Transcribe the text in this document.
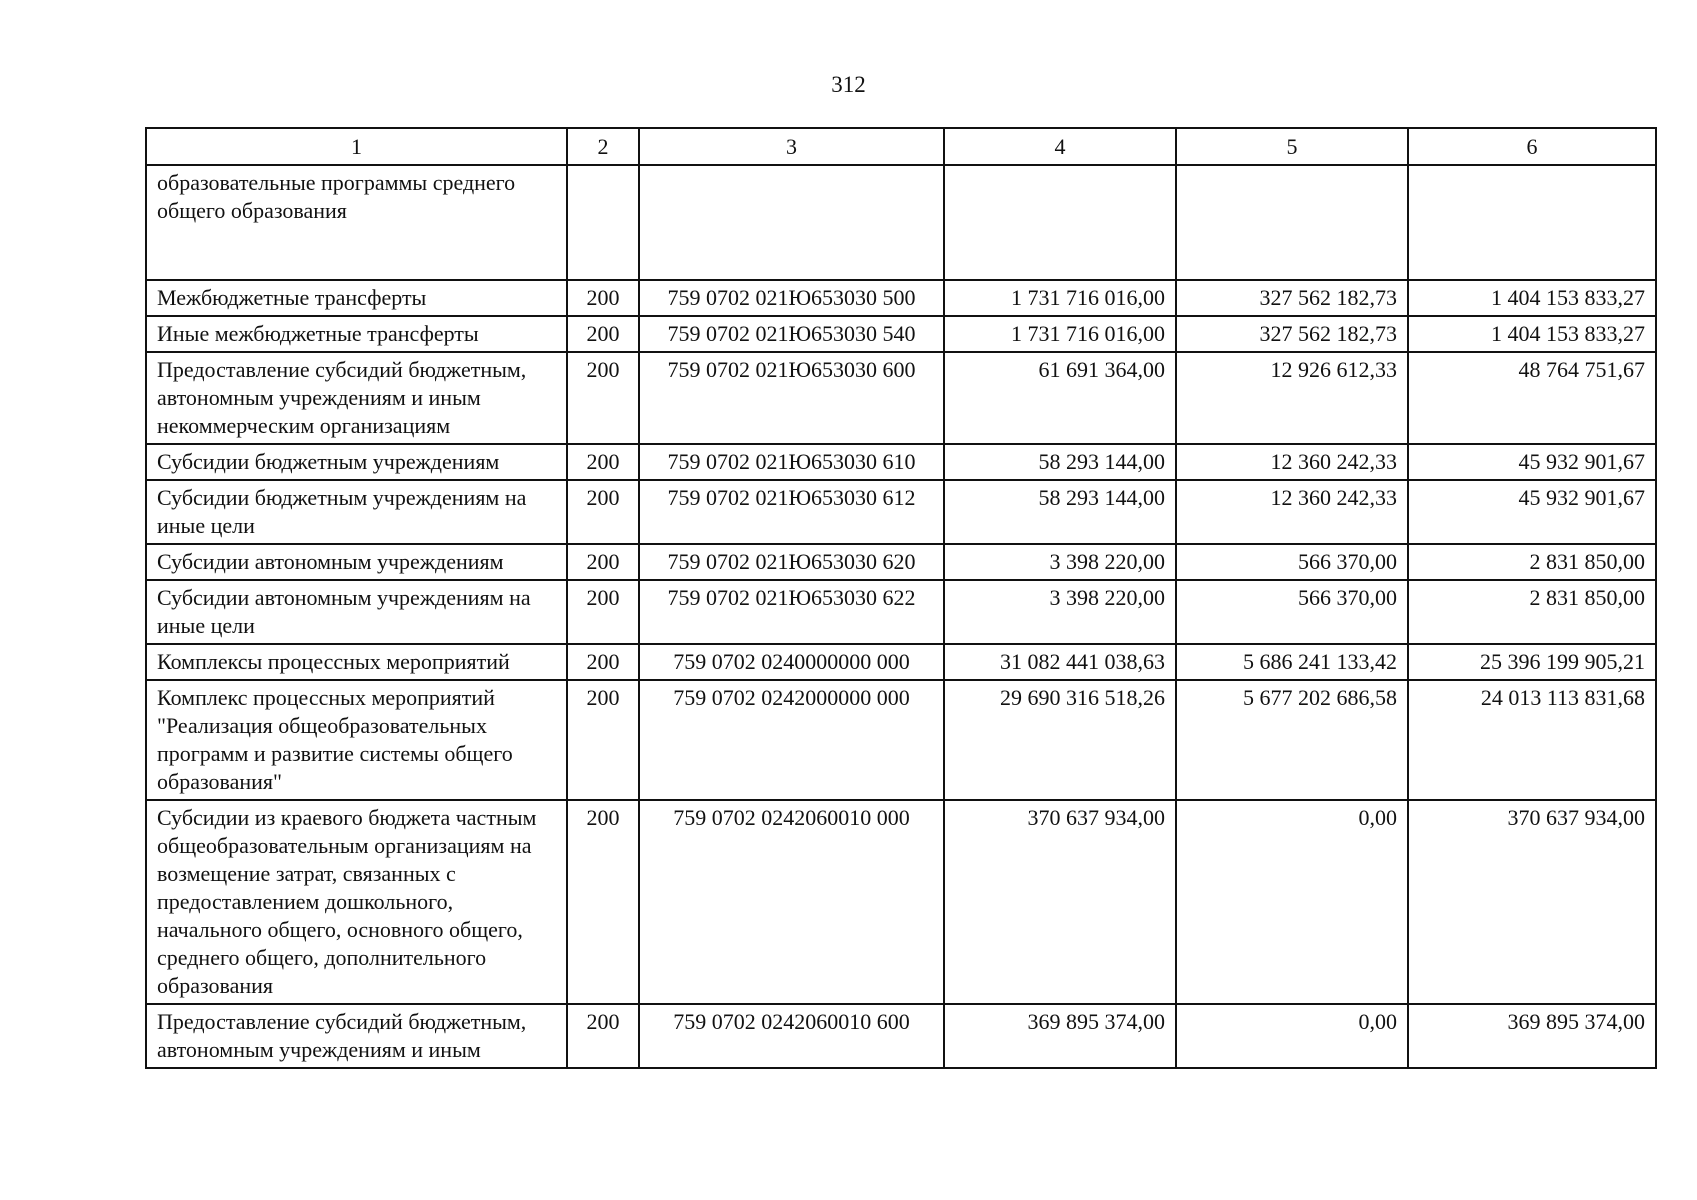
312
1	2	3	4	5	6
образовательные программы среднего общего образования					
Межбюджетные трансферты	200	759 0702 021Ю653030 500	1 731 716 016,00	327 562 182,73	1 404 153 833,27
Иные межбюджетные трансферты	200	759 0702 021Ю653030 540	1 731 716 016,00	327 562 182,73	1 404 153 833,27
Предоставление субсидий бюджетным, автономным учреждениям и иным некоммерческим организациям	200	759 0702 021Ю653030 600	61 691 364,00	12 926 612,33	48 764 751,67
Субсидии бюджетным учреждениям	200	759 0702 021Ю653030 610	58 293 144,00	12 360 242,33	45 932 901,67
Субсидии бюджетным учреждениям на иные цели	200	759 0702 021Ю653030 612	58 293 144,00	12 360 242,33	45 932 901,67
Субсидии автономным учреждениям	200	759 0702 021Ю653030 620	3 398 220,00	566 370,00	2 831 850,00
Субсидии автономным учреждениям на иные цели	200	759 0702 021Ю653030 622	3 398 220,00	566 370,00	2 831 850,00
Комплексы процессных мероприятий	200	759 0702 0240000000 000	31 082 441 038,63	5 686 241 133,42	25 396 199 905,21
Комплекс процессных мероприятий "Реализация общеобразовательных программ и развитие системы общего образования"	200	759 0702 0242000000 000	29 690 316 518,26	5 677 202 686,58	24 013 113 831,68
Субсидии из краевого бюджета частным общеобразовательным организациям на возмещение затрат, связанных с предоставлением дошкольного, начального общего, основного общего, среднего общего, дополнительного образования	200	759 0702 0242060010 000	370 637 934,00	0,00	370 637 934,00
Предоставление субсидий бюджетным, автономным учреждениям и иным	200	759 0702 0242060010 600	369 895 374,00	0,00	369 895 374,00
